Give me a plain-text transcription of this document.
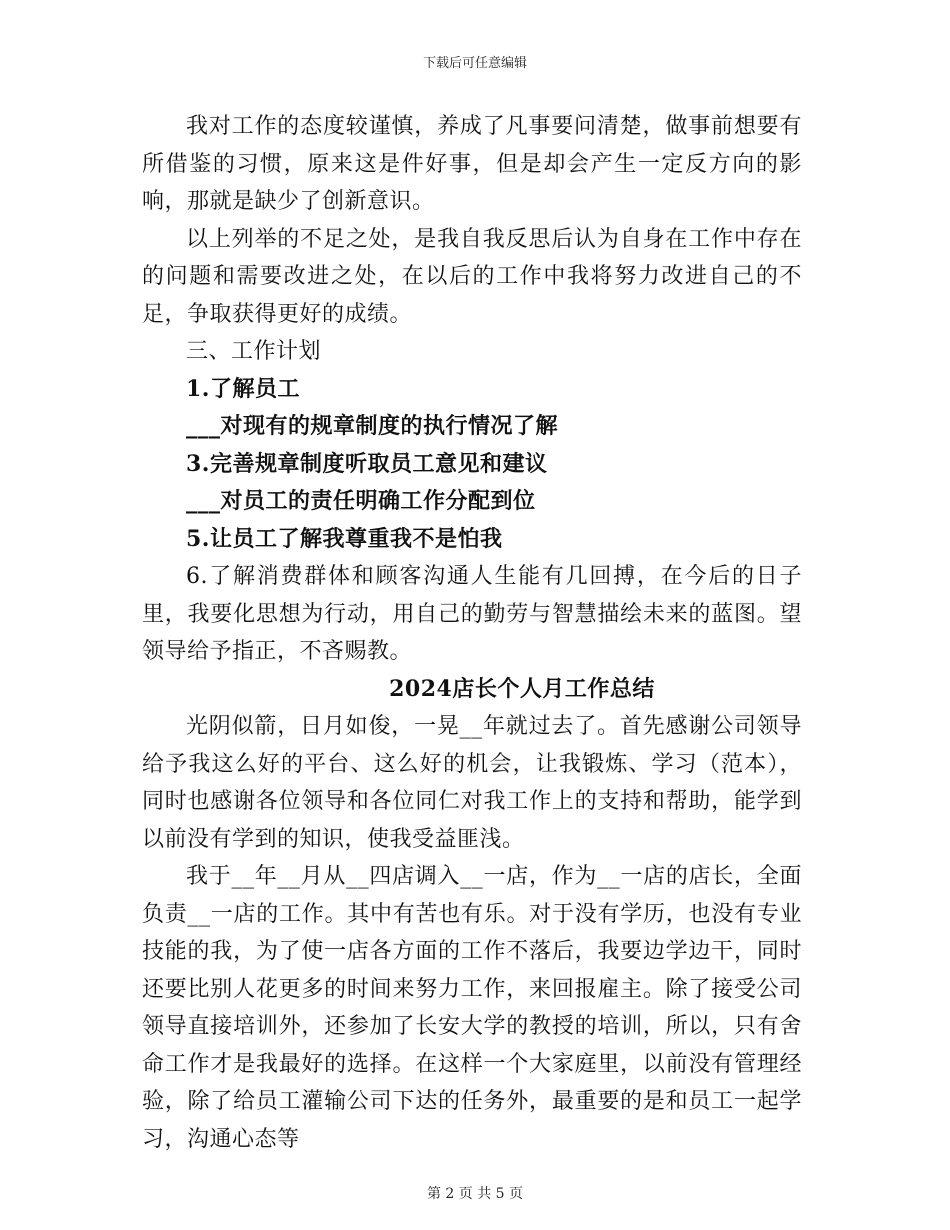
下载后可任意编辑

我对工作的态度较谨慎，养成了凡事要问清楚，做事前想要有所借鉴的习惯，原来这是件好事，但是却会产生一定反方向的影响，那就是缺少了创新意识。

以上列举的不足之处，是我自我反思后认为自身在工作中存在的问题和需要改进之处，在以后的工作中我将努力改进自己的不足，争取获得更好的成绩。

三、工作计划

1.了解员工

___对现有的规章制度的执行情况了解

3.完善规章制度听取员工意见和建议

___对员工的责任明确工作分配到位

5.让员工了解我尊重我不是怕我

6.了解消费群体和顾客沟通人生能有几回搏，在今后的日子里，我要化思想为行动，用自己的勤劳与智慧描绘未来的蓝图。望领导给予指正，不吝赐教。

2024店长个人月工作总结

光阴似箭，日月如俊，一晃__年就过去了。首先感谢公司领导给予我这么好的平台、这么好的机会，让我锻炼、学习（范本），同时也感谢各位领导和各位同仁对我工作上的支持和帮助，能学到以前没有学到的知识，使我受益匪浅。

我于__年__月从__四店调入__一店，作为__一店的店长，全面负责__一店的工作。其中有苦也有乐。对于没有学历，也没有专业技能的我，为了使一店各方面的工作不落后，我要边学边干，同时还要比别人花更多的时间来努力工作，来回报雇主。除了接受公司领导直接培训外，还参加了长安大学的教授的培训，所以，只有舍命工作才是我最好的选择。在这样一个大家庭里，以前没有管理经验，除了给员工灌输公司下达的任务外，最重要的是和员工一起学习，沟通心态等

第 2 页 共 5 页
